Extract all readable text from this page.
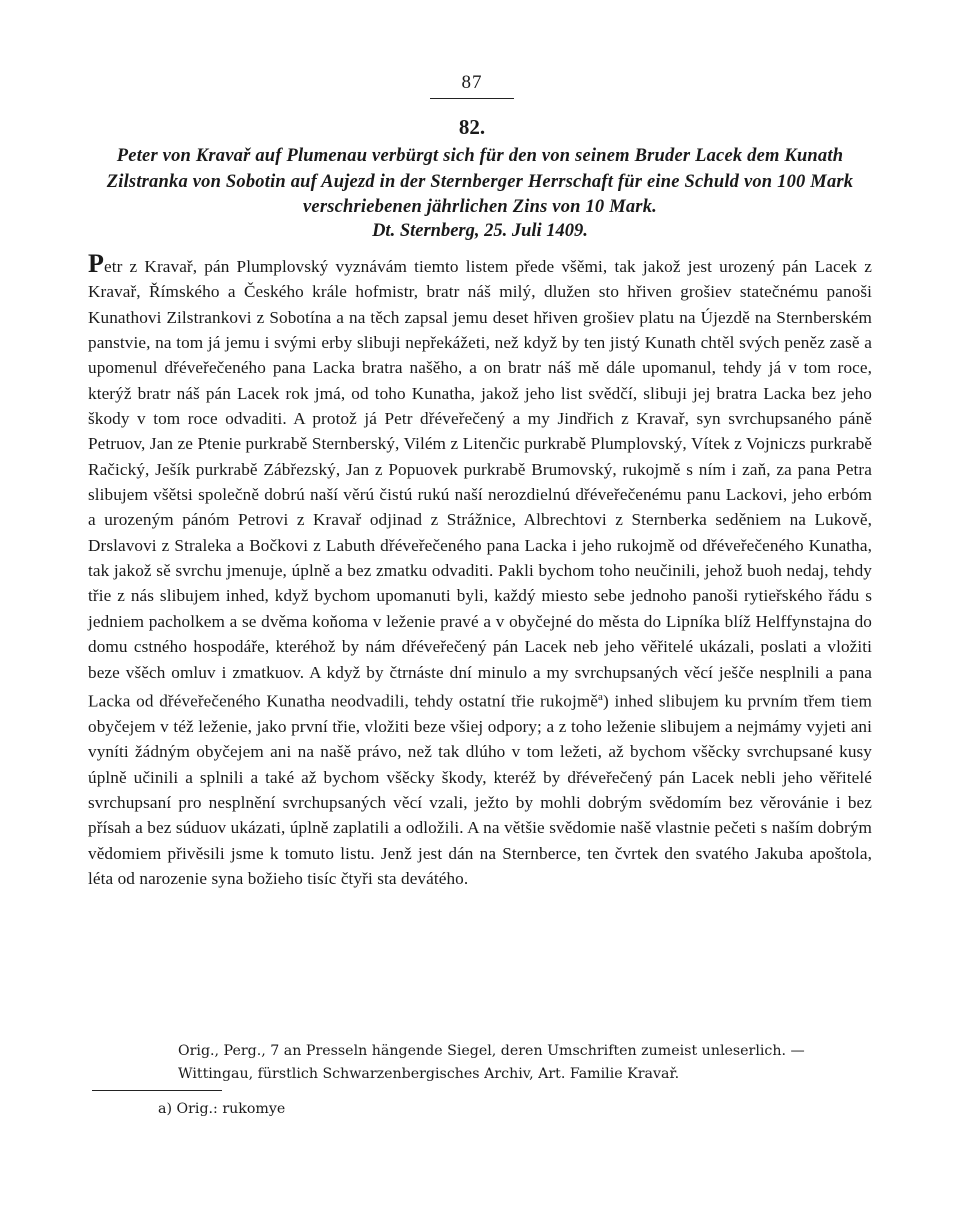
87
82.

Peter von Kravař auf Plumenau verbürgt sich für den von seinem Bruder Lacek dem Kunath Zilstranka von Sobotin auf Aujezd in der Sternberger Herrschaft für eine Schuld von 100 Mark verschriebenen jährlichen Zins von 10 Mark.

Dt. Sternberg, 25. Juli 1409.

Petr z Kravař, pán Plumplovský vyznávám tiemto listem přede všěmi, tak jakož jest urozený pán Lacek z Kravař, Římského a Českého krále hofmistr, bratr náš milý, dlužen sto hřiven grošiev statečnému panoši Kunathovi Zilstrankovi z Sobotína a na těch zapsal jemu deset hřiven grošiev platu na Újezdě na Sternberském panstvie, na tom já jemu i svými erby slibuji nepřekážeti, než když by ten jistý Kunath chtěl svých peněz zasě a upomenul dřéveřečeného pana Lacka bratra našěho, a on bratr náš mě dále upomanul, tehdy já v tom roce, kterýž bratr náš pán Lacek rok jmá, od toho Kunatha, jakož jeho list svědčí, slibuji jej bratra Lacka bez jeho škody v tom roce odvaditi. A protož já Petr dřéveřečený a my Jindřich z Kravař, syn svrchupsaného páně Petruov, Jan ze Ptenie purkrabě Sternberský, Vilém z Litenčic purkrabě Plumplovský, Vítek z Vojniczs purkrabě Račický, Ješík purkrabě Zábřezský, Jan z Popuovek purkrabě Brumovský, rukojmě s ním i zaň, za pana Petra slibujem všětsi společně dobrú naší věrú čistú rukú naší nerozdielnú dřéveřečenému panu Lackovi, jeho erbóm a urozeným pánóm Petrovi z Kravař odjinad z Strážnice, Albrechtovi z Sternberka seděniem na Lukově, Drslavovi z Straleka a Bočkovi z Labuth dřéveřečeného pana Lacka i jeho rukojmě od dřéveřečeného Kunatha, tak jakož sě svrchu jmenuje, úplně a bez zmatku odvaditi. Pakli bychom toho neučinili, jehož buoh nedaj, tehdy třie z nás slibujem inhed, když bychom upomanuti byli, každý miesto sebe jednoho panoši rytieřského řádu s jedniem pacholkem a se dvěma koňoma v leženie pravé a v obyčejné do města do Lipníka blíž Helffynstajna do domu cstného hospodáře, kteréhož by nám dřéveřečený pán Lacek neb jeho věřitelé ukázali, poslati a vložiti beze všěch omluv i zmatkuov. A když by čtrnáste dní minulo a my svrchupsaných věcí ješče nesplnili a pana Lacka od dřéveřečeného Kunatha neodvadili, tehdy ostatní třie rukojmě$^a$) inhed slibujem ku prvním třem tiem obyčejem v též leženie, jako první třie, vložiti beze všiej odpory; a z toho leženie slibujem a nejmámy vyjeti ani vyníti žádným obyčejem ani na našě právo, než tak dlúho v tom ležeti, až bychom všěcky svrchupsané kusy úplně učinili a splnili a také až bychom všěcky škody, kteréž by dřéveřečený pán Lacek nebli jeho věřitelé svrchupsaní pro nesplnění svrchupsaných věcí vzali, ježto by mohli dobrým svědomím bez věrovánie i bez přísah a bez súduov ukázati, úplně zaplatili a odložili. A na většie svědomie našě vlastnie pečeti s naším dobrým vědomiem přivěsili jsme k tomuto listu. Jenž jest dán na Sternberce, ten čvrtek den svatého Jakuba apoštola, léta od narozenie syna božieho tisíc čtyři sta devátého.

Orig., Perg., 7 an Presseln hängende Siegel, deren Umschriften zumeist unleserlich. —

Wittingau, fürstlich Schwarzenbergisches Archiv, Art. Familie Kravař.

a) Orig.: rukomye
